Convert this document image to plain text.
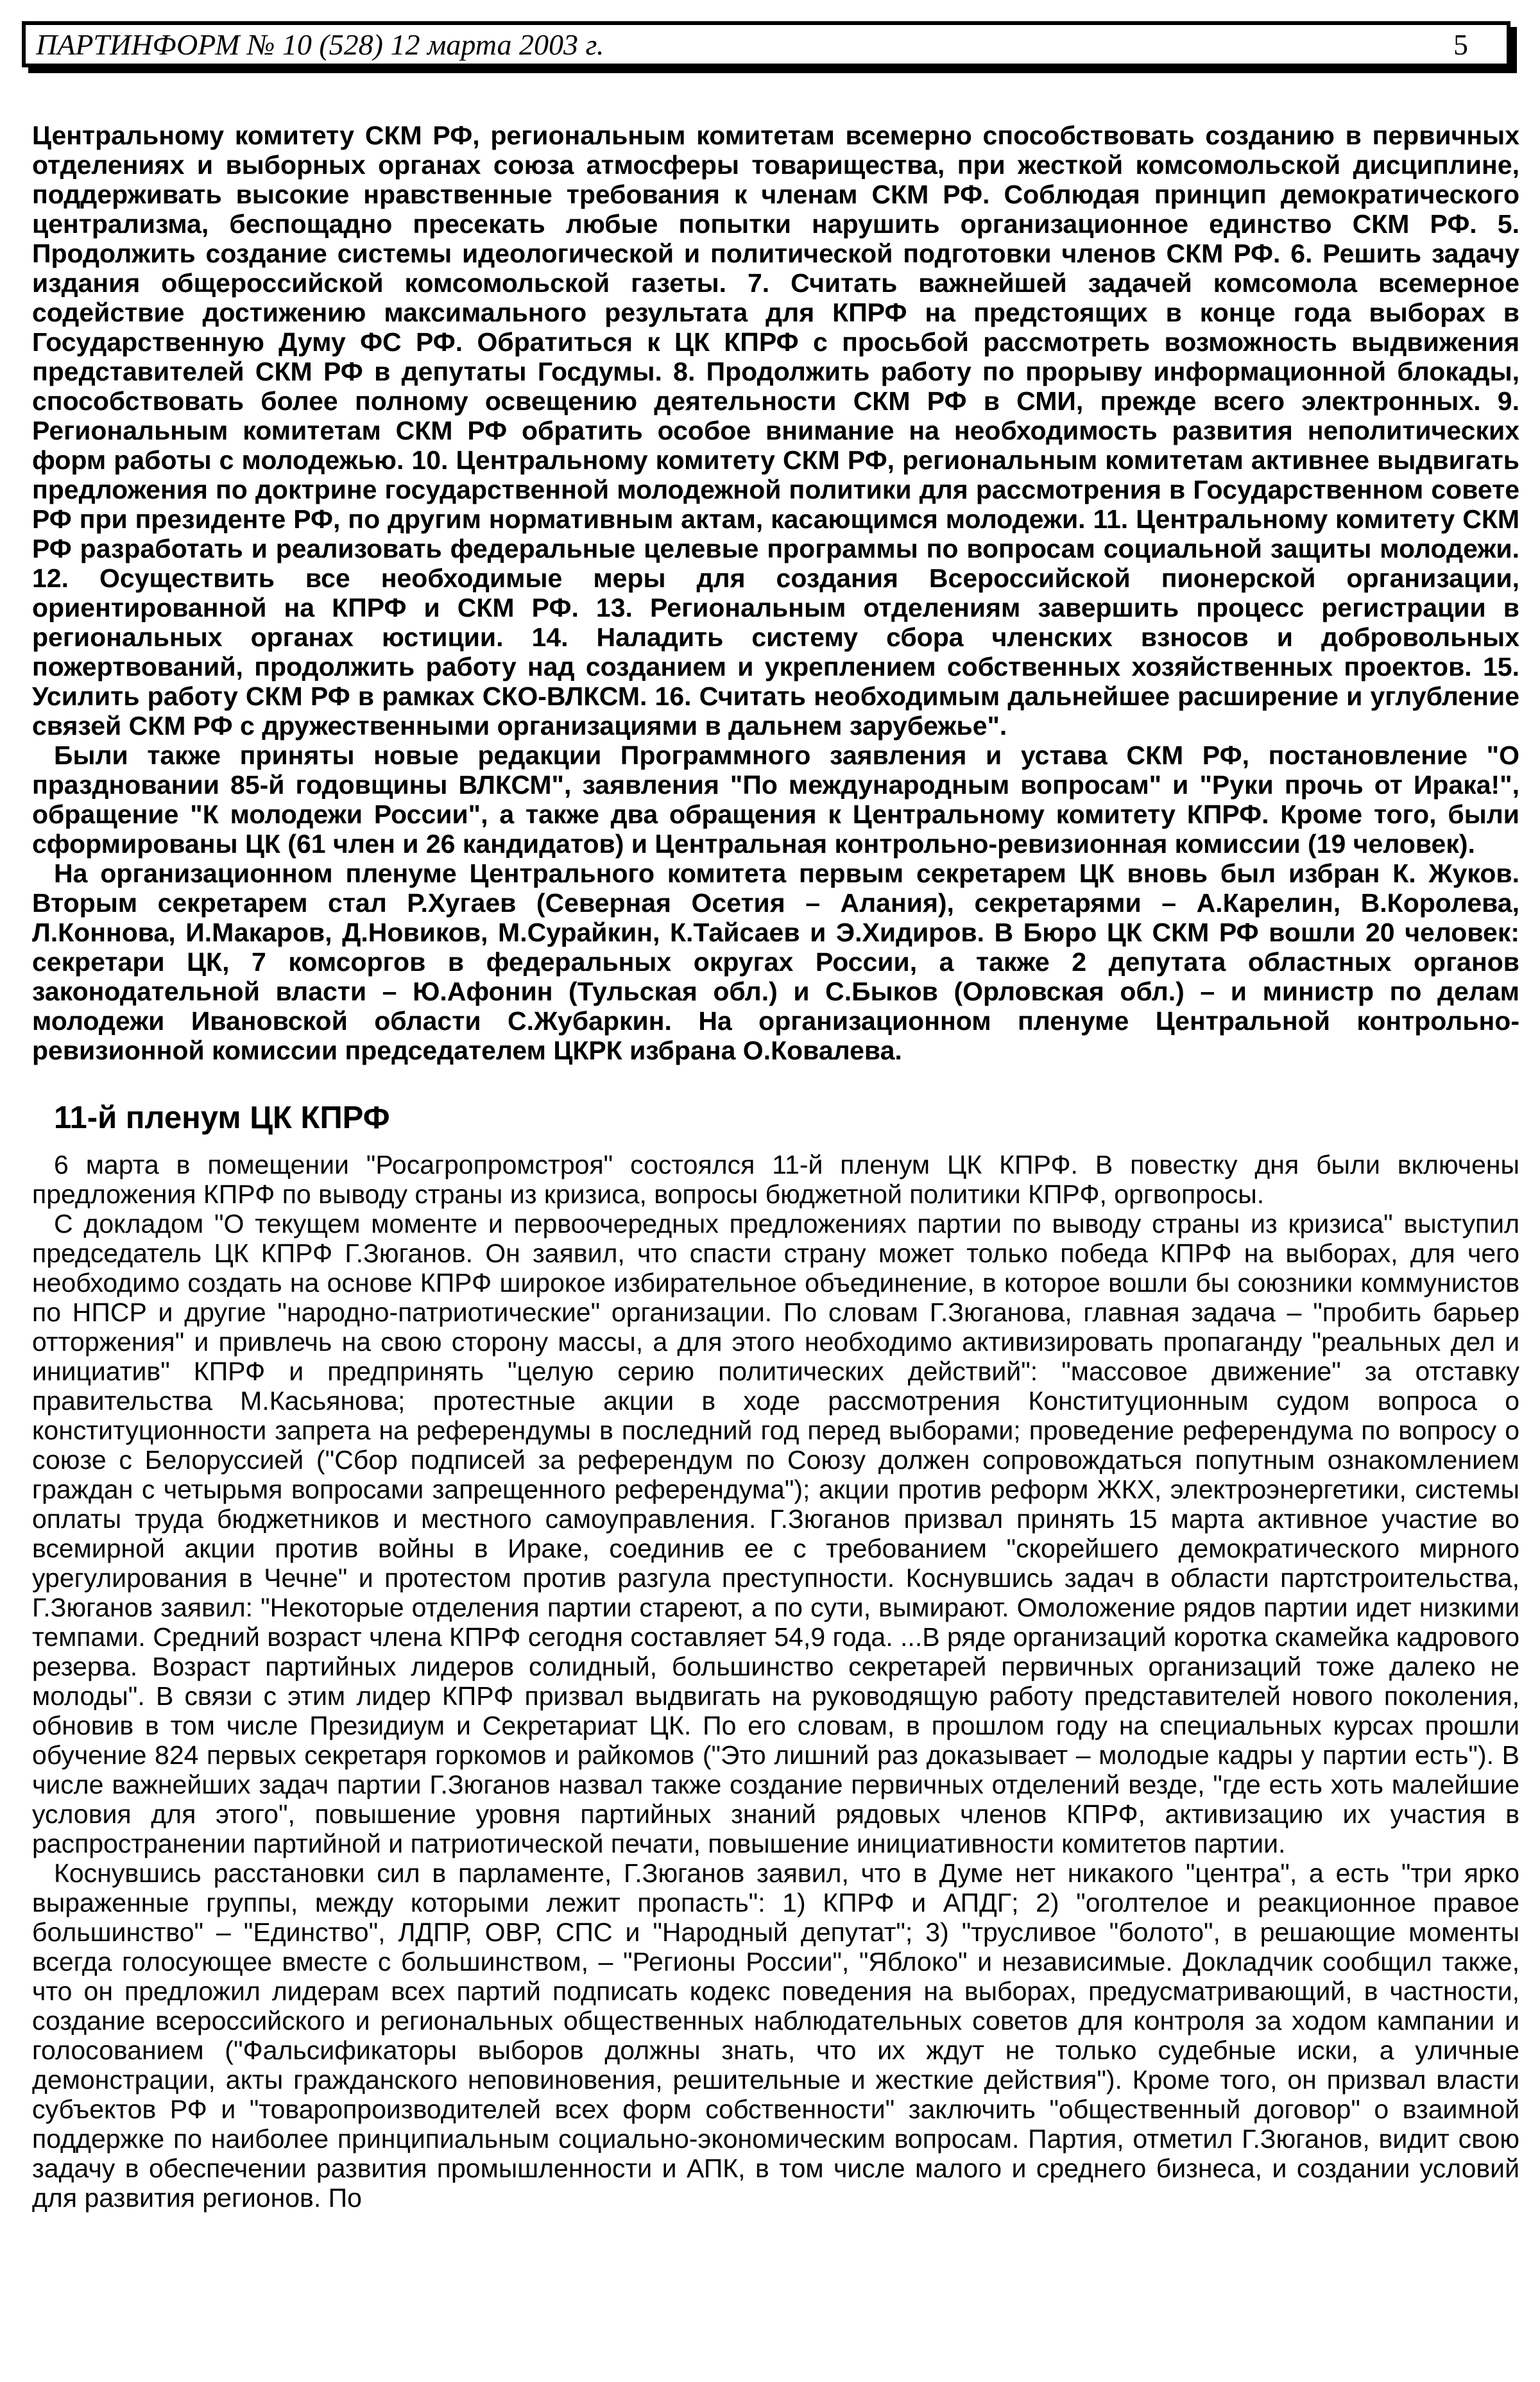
ПАРТИНФОРМ № 10 (528) 12 марта 2003 г.	5

Центральному комитету СКМ РФ, региональным комитетам всемерно способствовать созданию в первичных отделениях и выборных органах союза атмосферы товарищества, при жесткой комсомольской дисциплине, поддерживать высокие нравственные требования к членам СКМ РФ. Соблюдая принцип демократического централизма, беспощадно пресекать любые попытки нарушить организационное единство СКМ РФ. 5. Продолжить создание системы идеологической и политической подготовки членов СКМ РФ. 6. Решить задачу издания общероссийской комсомольской газеты. 7. Считать важнейшей задачей комсомола всемерное содействие достижению максимального результата для КПРФ на предстоящих в конце года выборах в Государственную Думу ФС РФ. Обратиться к ЦК КПРФ с просьбой рассмотреть возможность выдвижения представителей СКМ РФ в депутаты Госдумы. 8. Продолжить работу по прорыву информационной блокады, способствовать более полному освещению деятельности СКМ РФ в СМИ, прежде всего электронных. 9. Региональным комитетам СКМ РФ обратить особое внимание на необходимость развития неполитических форм работы с молодежью. 10. Центральному комитету СКМ РФ, региональным комитетам активнее выдвигать предложения по доктрине государственной молодежной политики для рассмотрения в Государственном совете РФ при президенте РФ, по другим нормативным актам, касающимся молодежи. 11. Центральному комитету СКМ РФ разработать и реализовать федеральные целевые программы по вопросам социальной защиты молодежи. 12. Осуществить все необходимые меры для создания Всероссийской пионерской организации, ориентированной на КПРФ и СКМ РФ. 13. Региональным отделениям завершить процесс регистрации в региональных органах юстиции. 14. Наладить систему сбора членских взносов и добровольных пожертвований, продолжить работу над созданием и укреплением собственных хозяйственных проектов. 15. Усилить работу СКМ РФ в рамках СКО-ВЛКСМ. 16. Считать необходимым дальнейшее расширение и углубление связей СКМ РФ с дружественными организациями в дальнем зарубежье".

Были также приняты новые редакции Программного заявления и устава СКМ РФ, постановление "О праздновании 85-й годовщины ВЛКСМ", заявления "По международным вопросам" и "Руки прочь от Ирака!", обращение "К молодежи России", а также два обращения к Центральному комитету КПРФ. Кроме того, были сформированы ЦК (61 член и 26 кандидатов) и Центральная контрольно-ревизионная комиссии (19 человек).

На организационном пленуме Центрального комитета первым секретарем ЦК вновь был избран К. Жуков. Вторым секретарем стал Р.Хугаев (Северная Осетия – Алания), секретарями – А.Карелин, В.Королева, Л.Коннова, И.Макаров, Д.Новиков, М.Сурайкин, К.Тайсаев и Э.Хидиров. В Бюро ЦК СКМ РФ вошли 20 человек: секретари ЦК, 7 комсоргов в федеральных округах России, а также 2 депутата областных органов законодательной власти – Ю.Афонин (Тульская обл.) и С.Быков (Орловская обл.) – и министр по делам молодежи Ивановской области С.Жубаркин. На организационном пленуме Центральной контрольно-ревизионной комиссии председателем ЦКРК избрана О.Ковалева.

11-й пленум ЦК КПРФ

6 марта в помещении "Росагропромстроя" состоялся 11-й пленум ЦК КПРФ. В повестку дня были включены предложения КПРФ по выводу страны из кризиса, вопросы бюджетной политики КПРФ, оргвопросы.

С докладом "О текущем моменте и первоочередных предложениях партии по выводу страны из кризиса" выступил председатель ЦК КПРФ Г.Зюганов. Он заявил, что спасти страну может только победа КПРФ на выборах, для чего необходимо создать на основе КПРФ широкое избирательное объединение, в которое вошли бы союзники коммунистов по НПСР и другие "народно-патриотические" организации. По словам Г.Зюганова, главная задача – "пробить барьер отторжения" и привлечь на свою сторону массы, а для этого необходимо активизировать пропаганду "реальных дел и инициатив" КПРФ и предпринять "целую серию политических действий": "массовое движение" за отставку правительства М.Касьянова; протестные акции в ходе рассмотрения Конституционным судом вопроса о конституционности запрета на референдумы в последний год перед выборами; проведение референдума по вопросу о союзе с Белоруссией ("Сбор подписей за референдум по Союзу должен сопровождаться попутным ознакомлением граждан с четырьмя вопросами запрещенного референдума"); акции против реформ ЖКХ, электроэнергетики, системы оплаты труда бюджетников и местного самоуправления. Г.Зюганов призвал принять 15 марта активное участие во всемирной акции против войны в Ираке, соединив ее с требованием "скорейшего демократического мирного урегулирования в Чечне" и протестом против разгула преступности. Коснувшись задач в области партстроительства, Г.Зюганов заявил: "Некоторые отделения партии стареют, а по сути, вымирают. Омоложение рядов партии идет низкими темпами. Средний возраст члена КПРФ сегодня составляет 54,9 года. ...В ряде организаций коротка скамейка кадрового резерва. Возраст партийных лидеров солидный, большинство секретарей первичных организаций тоже далеко не молоды". В связи с этим лидер КПРФ призвал выдвигать на руководящую работу представителей нового поколения, обновив в том числе Президиум и Секретариат ЦК. По его словам, в прошлом году на специальных курсах прошли обучение 824 первых секретаря горкомов и райкомов ("Это лишний раз доказывает – молодые кадры у партии есть"). В числе важнейших задач партии Г.Зюганов назвал также создание первичных отделений везде, "где есть хоть малейшие условия для этого", повышение уровня партийных знаний рядовых членов КПРФ, активизацию их участия в распространении партийной и патриотической печати, повышение инициативности комитетов партии.

Коснувшись расстановки сил в парламенте, Г.Зюганов заявил, что в Думе нет никакого "центра", а есть "три ярко выраженные группы, между которыми лежит пропасть": 1) КПРФ и АПДГ; 2) "оголтелое и реакционное правое большинство" – "Единство", ЛДПР, ОВР, СПС и "Народный депутат"; 3) "трусливое "болото", в решающие моменты всегда голосующее вместе с большинством, – "Регионы России", "Яблоко" и независимые. Докладчик сообщил также, что он предложил лидерам всех партий подписать кодекс поведения на выборах, предусматривающий, в частности, создание всероссийского и региональных общественных наблюдательных советов для контроля за ходом кампании и голосованием ("Фальсификаторы выборов должны знать, что их ждут не только судебные иски, а уличные демонстрации, акты гражданского неповиновения, решительные и жесткие действия"). Кроме того, он призвал власти субъектов РФ и "товаропроизводителей всех форм собственности" заключить "общественный договор" о взаимной поддержке по наиболее принципиальным социально-экономическим вопросам. Партия, отметил Г.Зюганов, видит свою задачу в обеспечении развития промышленности и АПК, в том числе малого и среднего бизнеса, и создании условий для развития регионов. По
